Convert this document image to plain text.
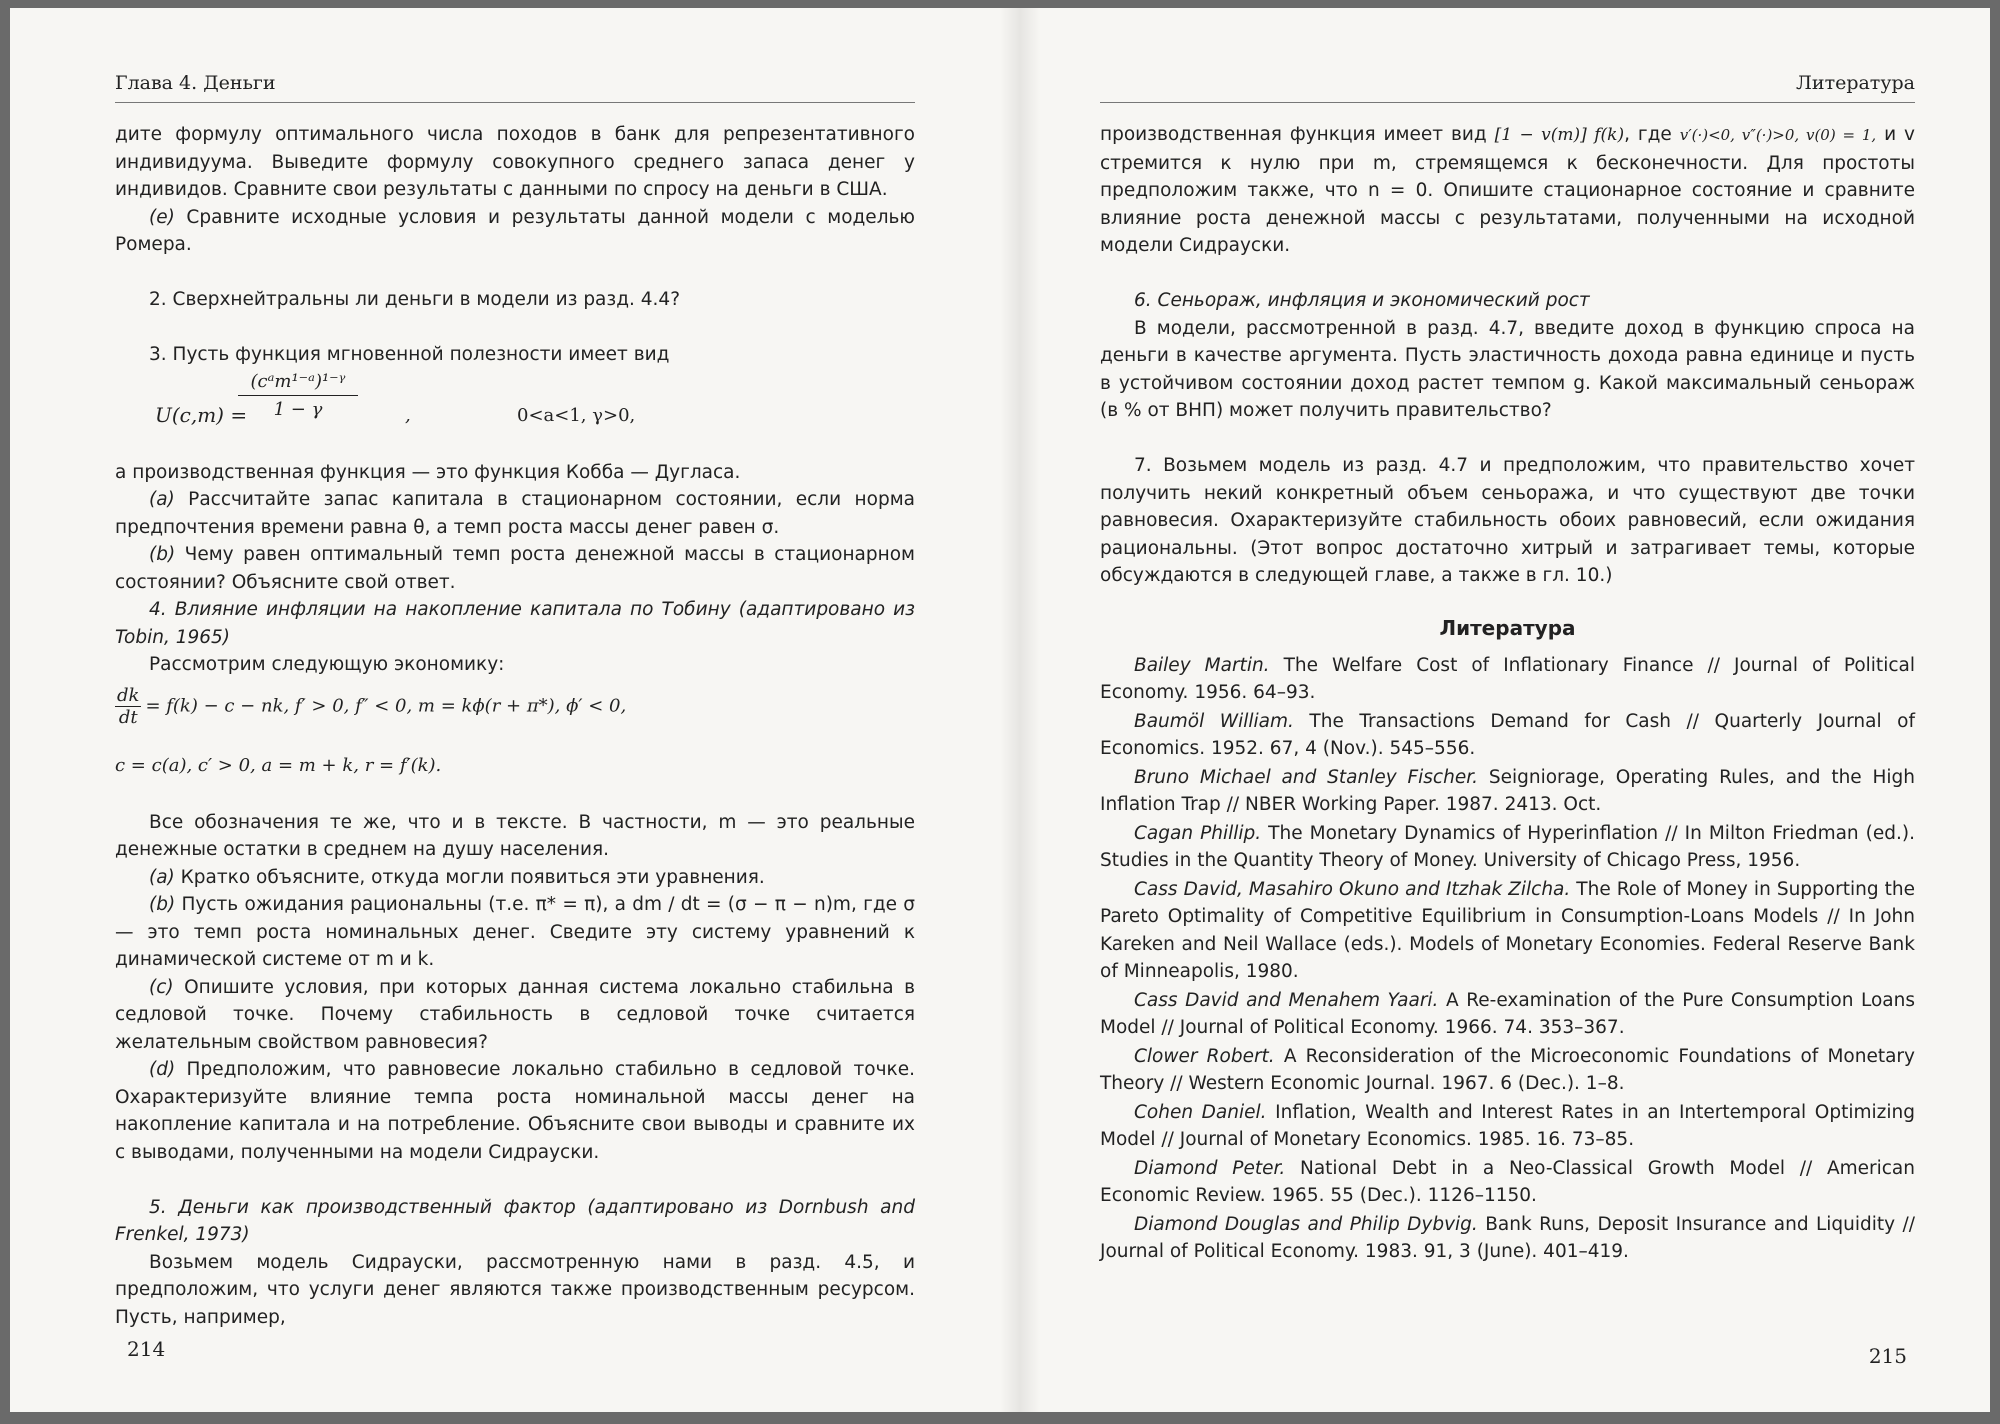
Глава 4. Деньги

дите формулу оптимального числа походов в банк для репрезентативного индивидуума. Выведите формулу совокупного среднего запаса денег у индивидов. Сравните свои результаты с данными по спросу на деньги в США.

(e) Сравните исходные условия и результаты данной модели с моделью Ромера.

2. Сверхнейтральны ли деньги в модели из разд. 4.4?

3. Пусть функция мгновенной полезности имеет вид

U(c,m) =
(cᵃm¹⁻ᵃ)¹⁻ᵞ
1 − γ	,	0<a<1, γ>0,

а производственная функция — это функция Кобба — Дугласа.

(a) Рассчитайте запас капитала в стационарном состоянии, если норма предпочтения времени равна θ, а темп роста массы денег равен σ.

(b) Чему равен оптимальный темп роста денежной массы в стационарном состоянии? Объясните свой ответ.

4. Влияние инфляции на накопление капитала по Тобину (адаптировано из Tobin, 1965)

Рассмотрим следующую экономику:

$\frac{dk}{dt} = f(k) - c$ − nk, f′ > 0, f″ < 0, m = kϕ(r + π*), ϕ′ < 0,
c = c(a), c′ > 0, a = m + k, r = f′(k).

Все обозначения те же, что и в тексте. В частности, m — это реальные денежные остатки в среднем на душу населения.

(a) Кратко объясните, откуда могли появиться эти уравнения.

(b) Пусть ожидания рациональны (т.е. π* = π), а dm / dt = (σ − π − n)m, где σ — это темп роста номинальных денег. Сведите эту систему уравнений к динамической системе от m и k.

(c) Опишите условия, при которых данная система локально стабильна в седловой точке. Почему стабильность в седловой точке считается желательным свойством равновесия?

(d) Предположим, что равновесие локально стабильно в седловой точке. Охарактеризуйте влияние темпа роста номинальной массы денег на накопление капитала и на потребление. Объясните свои выводы и сравните их с выводами, полученными на модели Сидрауски.

5. Деньги как производственный фактор (адаптировано из Dornbush and Frenkel, 1973)

Возьмем модель Сидрауски, рассмотренную нами в разд. 4.5, и предположим, что услуги денег являются также производственным ресурсом. Пусть, например,

214
Литература

производственная функция имеет вид [1 − v(m)] f(k), где v′(·)<0, v″(·)>0, v(0) = 1, и v стремится к нулю при m, стремящемся к бесконечности. Для простоты предположим также, что n = 0. Опишите стационарное состояние и сравните влияние роста денежной массы с результатами, полученными на исходной модели Сидрауски.

6. Сеньораж, инфляция и экономический рост

В модели, рассмотренной в разд. 4.7, введите доход в функцию спроса на деньги в качестве аргумента. Пусть эластичность дохода равна единице и пусть в устойчивом состоянии доход растет темпом g. Какой максимальный сеньораж (в % от ВНП) может получить правительство?

7. Возьмем модель из разд. 4.7 и предположим, что правительство хочет получить некий конкретный объем сеньоража, и что существуют две точки равновесия. Охарактеризуйте стабильность обоих равновесий, если ожидания рациональны. (Этот вопрос достаточно хитрый и затрагивает темы, которые обсуждаются в следующей главе, а также в гл. 10.)

Литература

Bailey Martin. The Welfare Cost of Inflationary Finance // Journal of Political Economy. 1956. 64–93.

Baumöl William. The Transactions Demand for Cash // Quarterly Journal of Economics. 1952. 67, 4 (Nov.). 545–556.

Bruno Michael and Stanley Fischer. Seigniorage, Operating Rules, and the High Inflation Trap // NBER Working Paper. 1987. 2413. Oct.

Cagan Phillip. The Monetary Dynamics of Hyperinflation // In Milton Friedman (ed.). Studies in the Quantity Theory of Money. University of Chicago Press, 1956.

Cass David, Masahiro Okuno and Itzhak Zilcha. The Role of Money in Supporting the Pareto Optimality of Competitive Equilibrium in Consumption-Loans Models // In John Kareken and Neil Wallace (eds.). Models of Monetary Economies. Federal Reserve Bank of Minneapolis, 1980.

Cass David and Menahem Yaari. A Re-examination of the Pure Consumption Loans Model // Journal of Political Economy. 1966. 74. 353–367.

Clower Robert. A Reconsideration of the Microeconomic Foundations of Monetary Theory // Western Economic Journal. 1967. 6 (Dec.). 1–8.

Cohen Daniel. Inflation, Wealth and Interest Rates in an Intertemporal Optimizing Model // Journal of Monetary Economics. 1985. 16. 73–85.

Diamond Peter. National Debt in a Neo-Classical Growth Model // American Economic Review. 1965. 55 (Dec.). 1126–1150.

Diamond Douglas and Philip Dybvig. Bank Runs, Deposit Insurance and Liquidity // Journal of Political Economy. 1983. 91, 3 (June). 401–419.

215
